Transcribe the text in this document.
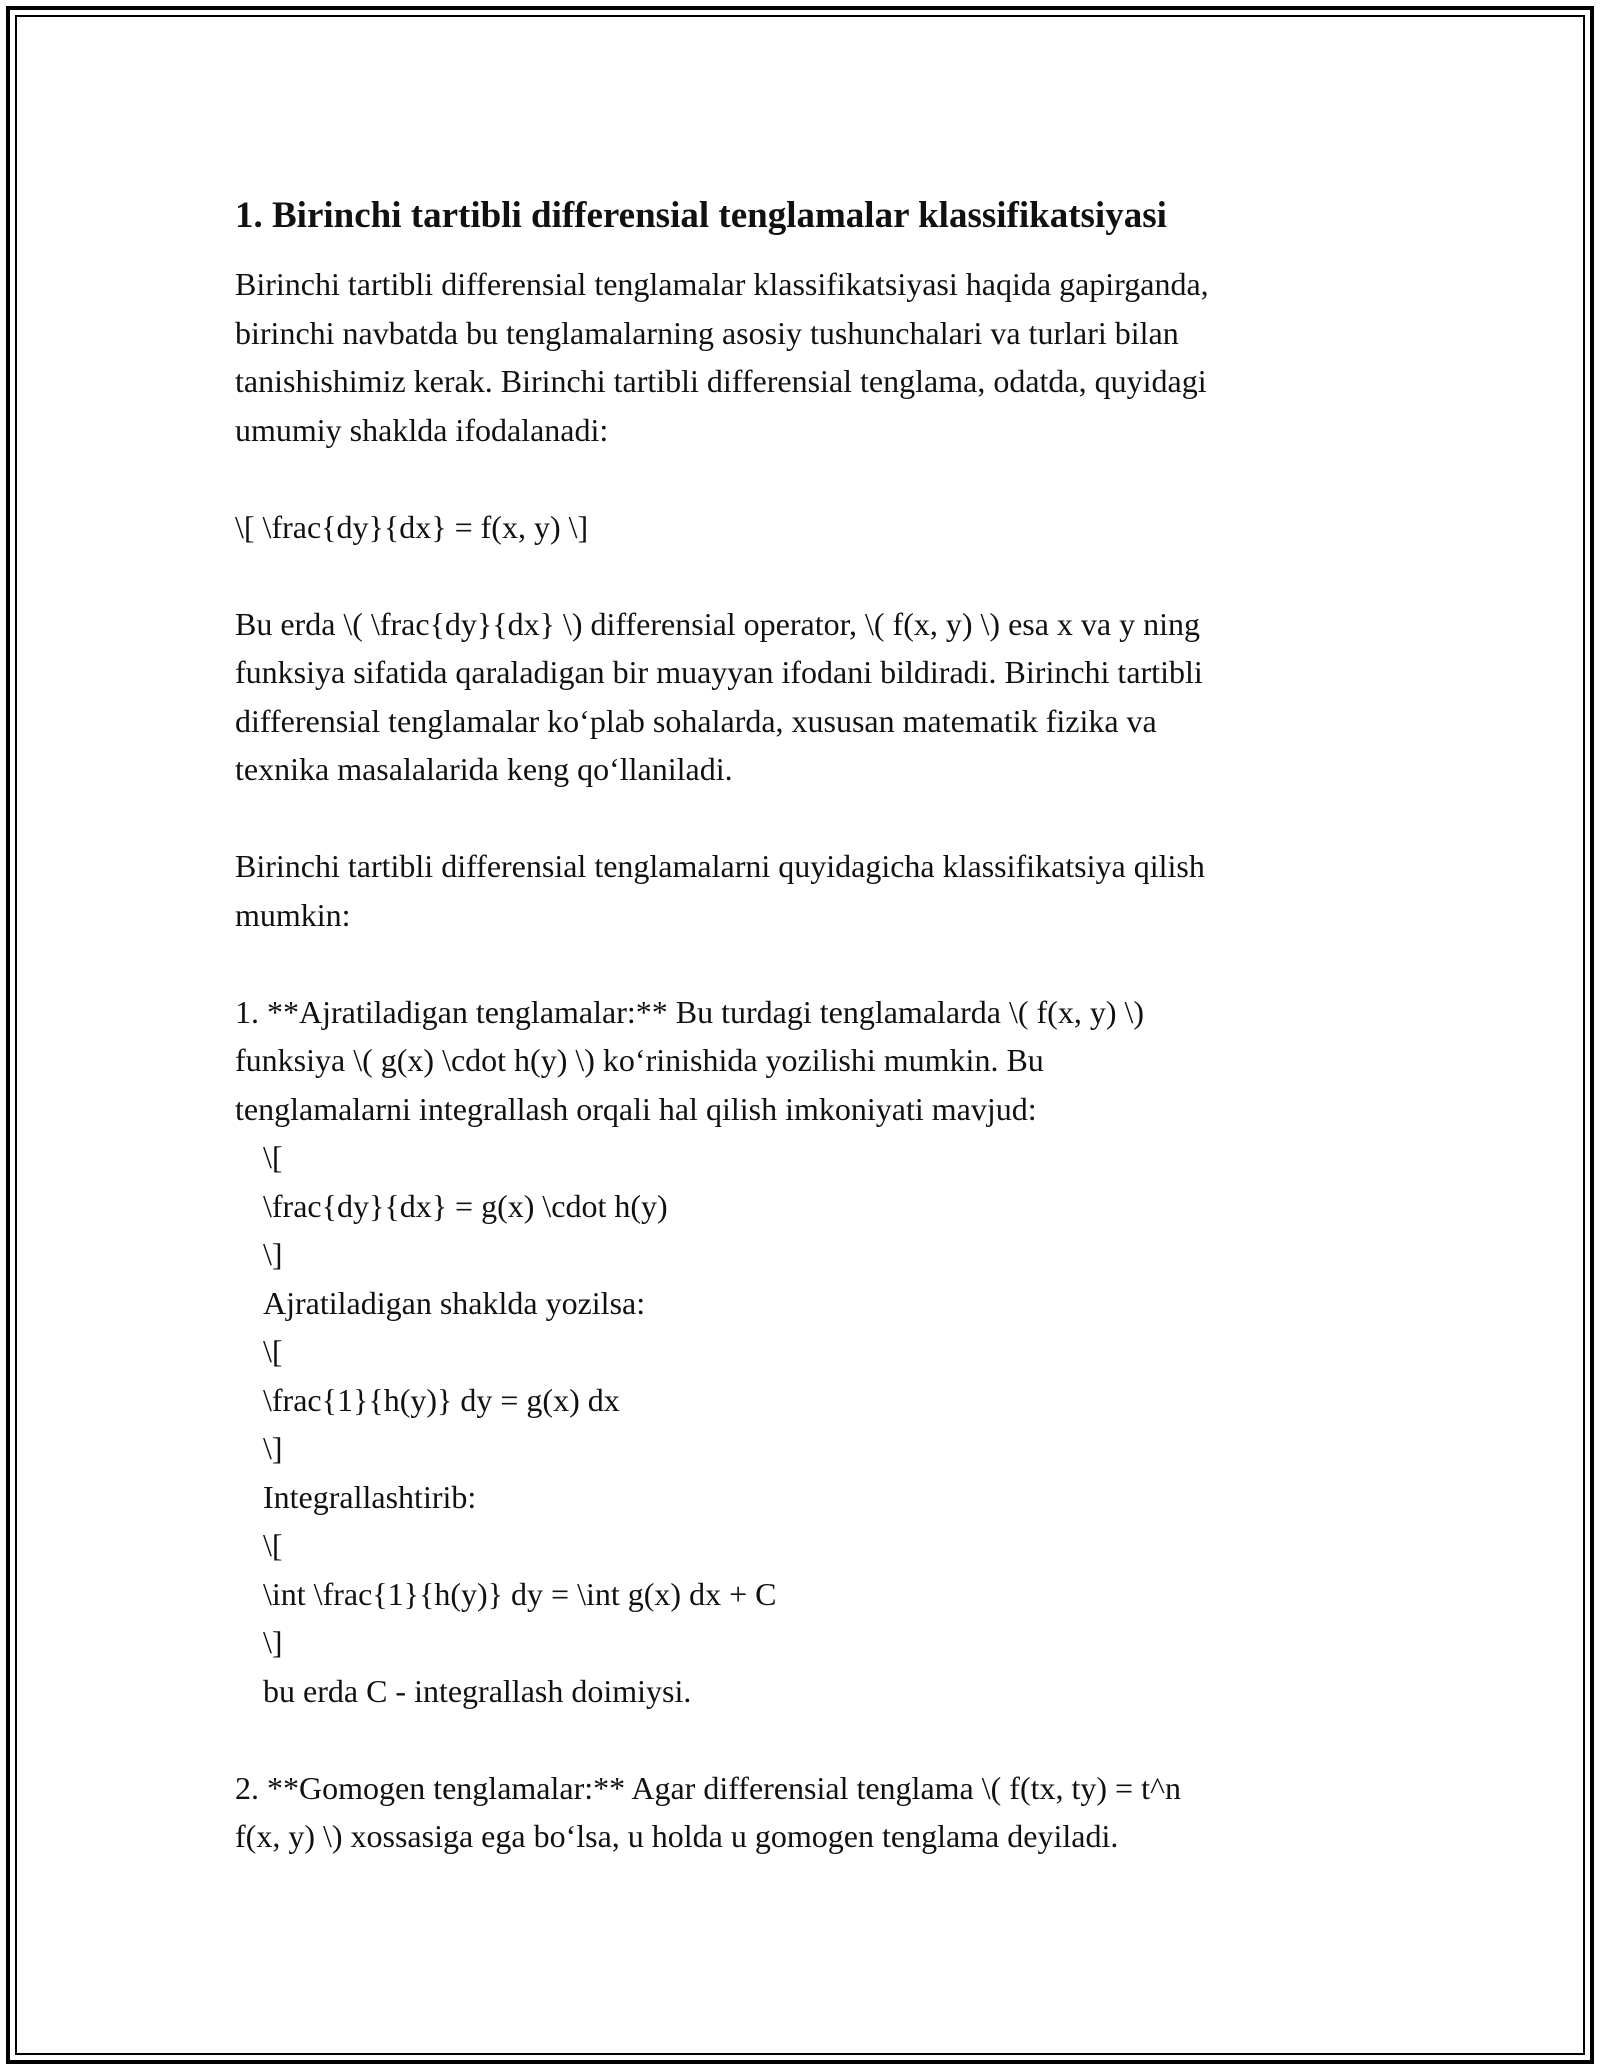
1. Birinchi tartibli differensial tenglamalar klassifikatsiyasi
Birinchi tartibli differensial tenglamalar klassifikatsiyasi haqida gapirganda,
birinchi navbatda bu tenglamalarning asosiy tushunchalari va turlari bilan
tanishishimiz kerak. Birinchi tartibli differensial tenglama, odatda, quyidagi
umumiy shaklda ifodalanadi:
\[ \frac{dy}{dx} = f(x, y) \]
Bu erda \( \frac{dy}{dx} \) differensial operator, \( f(x, y) \) esa x va y ning
funksiya sifatida qaraladigan bir muayyan ifodani bildiradi. Birinchi tartibli
differensial tenglamalar ko‘plab sohalarda, xususan matematik fizika va
texnika masalalarida keng qo‘llaniladi.
Birinchi tartibli differensial tenglamalarni quyidagicha klassifikatsiya qilish
mumkin:
1. **Ajratiladigan tenglamalar:** Bu turdagi tenglamalarda \( f(x, y) \)
funksiya \( g(x) \cdot h(y) \) ko‘rinishida yozilishi mumkin. Bu
tenglamalarni integrallash orqali hal qilish imkoniyati mavjud:
\[
\frac{dy}{dx} = g(x) \cdot h(y)
\]
Ajratiladigan shaklda yozilsa:
\[
\frac{1}{h(y)} dy = g(x) dx
\]
Integrallashtirib:
\[
\int \frac{1}{h(y)} dy = \int g(x) dx + C
\]
bu erda C - integrallash doimiysi.
2. **Gomogen tenglamalar:** Agar differensial tenglama \( f(tx, ty) = t^n
f(x, y) \) xossasiga ega bo‘lsa, u holda u gomogen tenglama deyiladi.
